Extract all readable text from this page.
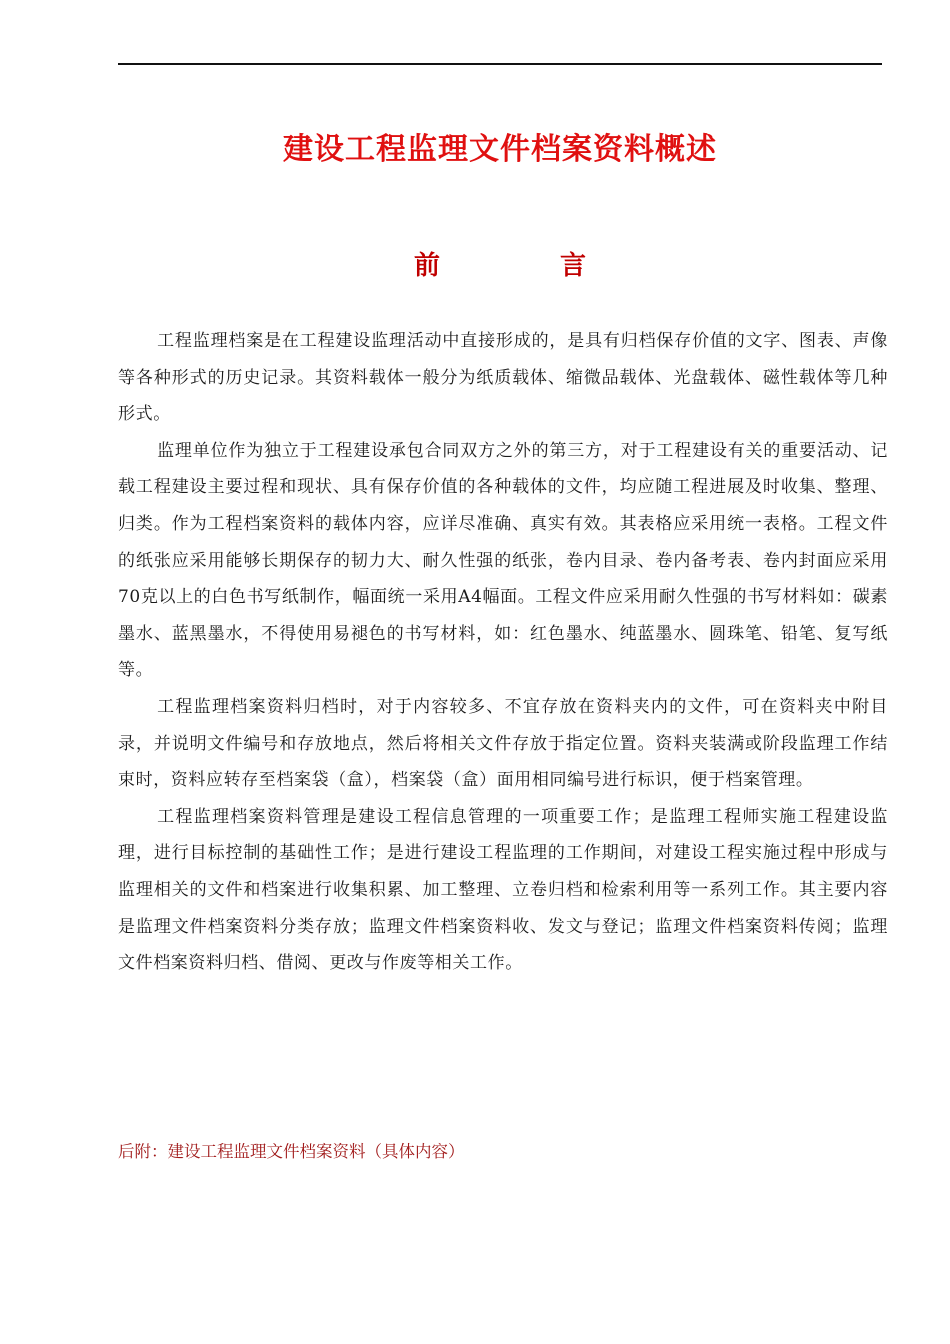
建设工程监理文件档案资料概述
前	言

工程监理档案是在工程建设监理活动中直接形成的，是具有归档保存价值的文字、图表、声像等各种形式的历史记录。其资料载体一般分为纸质载体、缩微品载体、光盘载体、磁性载体等几种形式。

监理单位作为独立于工程建设承包合同双方之外的第三方，对于工程建设有关的重要活动、记载工程建设主要过程和现状、具有保存价值的各种载体的文件，均应随工程进展及时收集、整理、归类。作为工程档案资料的载体内容，应详尽准确、真实有效。其表格应采用统一表格。工程文件的纸张应采用能够长期保存的韧力大、耐久性强的纸张，卷内目录、卷内备考表、卷内封面应采用70克以上的白色书写纸制作，幅面统一采用A4幅面。工程文件应采用耐久性强的书写材料如：碳素墨水、蓝黑墨水，不得使用易褪色的书写材料，如：红色墨水、纯蓝墨水、圆珠笔、铅笔、复写纸等。

工程监理档案资料归档时，对于内容较多、不宜存放在资料夹内的文件，可在资料夹中附目录，并说明文件编号和存放地点，然后将相关文件存放于指定位置。资料夹装满或阶段监理工作结束时，资料应转存至档案袋（盒），档案袋（盒）面用相同编号进行标识，便于档案管理。

工程监理档案资料管理是建设工程信息管理的一项重要工作；是监理工程师实施工程建设监理，进行目标控制的基础性工作；是进行建设工程监理的工作期间，对建设工程实施过程中形成与监理相关的文件和档案进行收集积累、加工整理、立卷归档和检索利用等一系列工作。其主要内容是监理文件档案资料分类存放；监理文件档案资料收、发文与登记；监理文件档案资料传阅；监理文件档案资料归档、借阅、更改与作废等相关工作。

后附：建设工程监理文件档案资料（具体内容）
